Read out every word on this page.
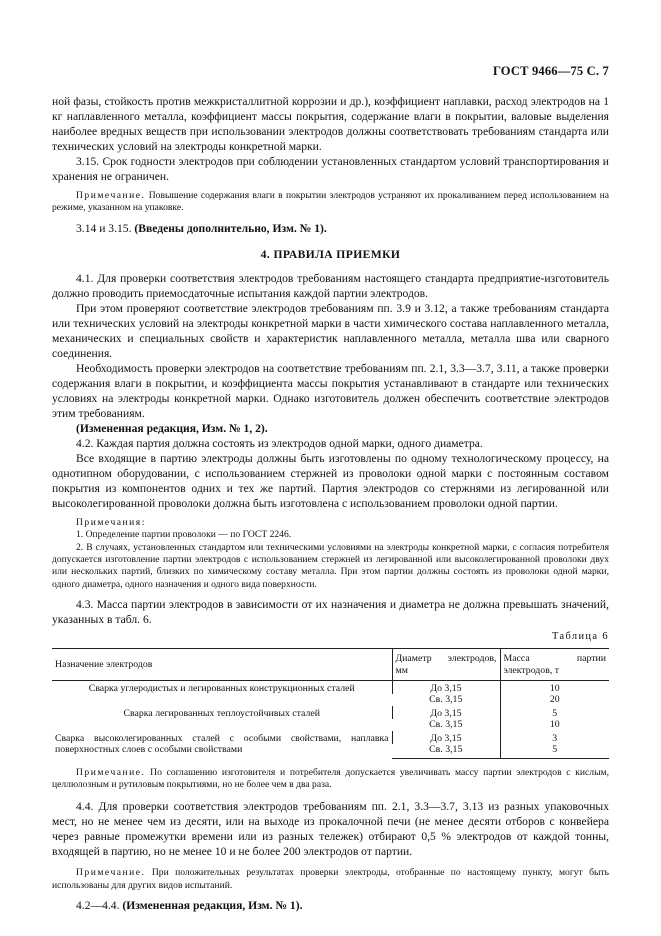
ГОСТ 9466—75 С. 7

ной фазы, стойкость против межкристаллитной коррозии и др.), коэффициент наплавки, расход электродов на 1 кг наплавленного металла, коэффициент массы покрытия, содержание влаги в покрытии, валовые выделения наиболее вредных веществ при использовании электродов должны соответствовать требованиям стандарта или технических условий на электроды конкретной марки.

3.15. Срок годности электродов при соблюдении установленных стандартом условий транспортирования и хранения не ограничен.

Примечание. Повышение содержания влаги в покрытии электродов устраняют их прокаливанием перед использованием на режиме, указанном на упаковке.

3.14 и 3.15. (Введены дополнительно, Изм. № 1).

4. ПРАВИЛА ПРИЕМКИ

4.1. Для проверки соответствия электродов требованиям настоящего стандарта предприятие-изготовитель должно проводить приемосдаточные испытания каждой партии электродов.

При этом проверяют соответствие электродов требованиям пп. 3.9 и 3.12, а также требованиям стандарта или технических условий на электроды конкретной марки в части химического состава наплавленного металла, механических и специальных свойств и характеристик наплавленного металла, металла шва или сварного соединения.

Необходимость проверки электродов на соответствие требованиям пп. 2.1, 3.3—3.7, 3.11, а также проверки содержания влаги в покрытии, и коэффициента массы покрытия устанавливают в стандарте или технических условиях на электроды конкретной марки. Однако изготовитель должен обеспечить соответствие электродов этим требованиям.

(Измененная редакция, Изм. № 1, 2).

4.2. Каждая партия должна состоять из электродов одной марки, одного диаметра.

Все входящие в партию электроды должны быть изготовлены по одному технологическому процессу, на однотипном оборудовании, с использованием стержней из проволоки одной марки с постоянным составом покрытия из компонентов одних и тех же партий. Партия электродов со стержнями из легированной или высоколегированной проволоки должна быть изготовлена с использованием проволоки одной партии.

Примечания:

1. Определение партии проволоки — по ГОСТ 2246.

2. В случаях, установленных стандартом или техническими условиями на электроды конкретной марки, с согласия потребителя допускается изготовление партии электродов с использованием стержней из легированной или высоколегированной проволоки двух или нескольких партий, близких по химическому составу металла. При этом партии должны состоять из проволоки одной марки, одного диаметра, одного назначения и одного вида поверхности.

4.3. Масса партии электродов в зависимости от их назначения и диаметра не должна превышать значений, указанных в табл. 6.

Таблица 6

Назначение электродов	Диаметр электродов, мм	Масса партии электродов, т
Сварка углеродистых и легированных конструкционных сталей	До 3,15	10
	Св. 3,15	20
Сварка легированных теплоустойчивых сталей	До 3,15	5
	Св. 3,15	10
Сварка высоколегированных сталей с особыми свойствами, наплавка поверхностных слоев с особыми свойствами	До 3,15	3
	Св. 3,15	5

Примечание. По соглашению изготовителя и потребителя допускается увеличивать массу партии электродов с кислым, целлюлозным и рутиловым покрытиями, но не более чем в два раза.

4.4. Для проверки соответствия электродов требованиям пп. 2.1, 3.3—3.7, 3.13 из разных упаковочных мест, но не менее чем из десяти, или на выходе из прокалочной печи (не менее десяти отборов с конвейера через равные промежутки времени или из разных тележек) отбирают 0,5 % электродов от каждой тонны, входящей в партию, но не менее 10 и не более 200 электродов от партии.

Примечание. При положительных результатах проверки электроды, отобранные по настоящему пункту, могут быть использованы для других видов испытаний.

4.2—4.4. (Измененная редакция, Изм. № 1).
